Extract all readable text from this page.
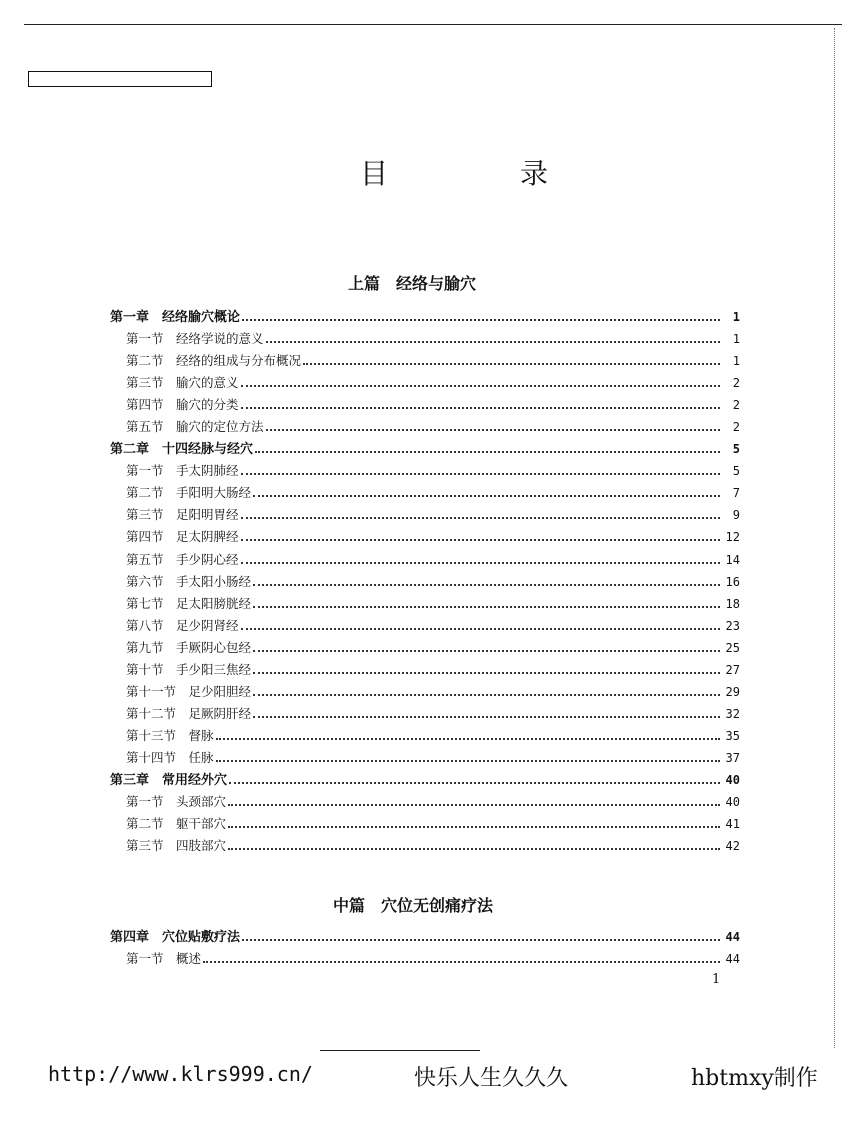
目　录
上篇　经络与腧穴
第一章　经络腧穴概论	1
第一节　经络学说的意义	1
第二节　经络的组成与分布概况	1
第三节　腧穴的意义	2
第四节　腧穴的分类	2
第五节　腧穴的定位方法	2
第二章　十四经脉与经穴	5
第一节　手太阴肺经	5
第二节　手阳明大肠经	7
第三节　足阳明胃经	9
第四节　足太阴脾经	12
第五节　手少阴心经	14
第六节　手太阳小肠经	16
第七节　足太阳膀胱经	18
第八节　足少阴肾经	23
第九节　手厥阴心包经	25
第十节　手少阳三焦经	27
第十一节　足少阳胆经	29
第十二节　足厥阴肝经	32
第十三节　督脉	35
第十四节　任脉	37
第三章　常用经外穴	40
第一节　头颈部穴	40
第二节　躯干部穴	41
第三节　四肢部穴	42
中篇　穴位无创痛疗法
第四章　穴位贴敷疗法	44
第一节　概述	44
1
http://www.klrs999.cn/	快乐人生久久久	hbtmxy制作
